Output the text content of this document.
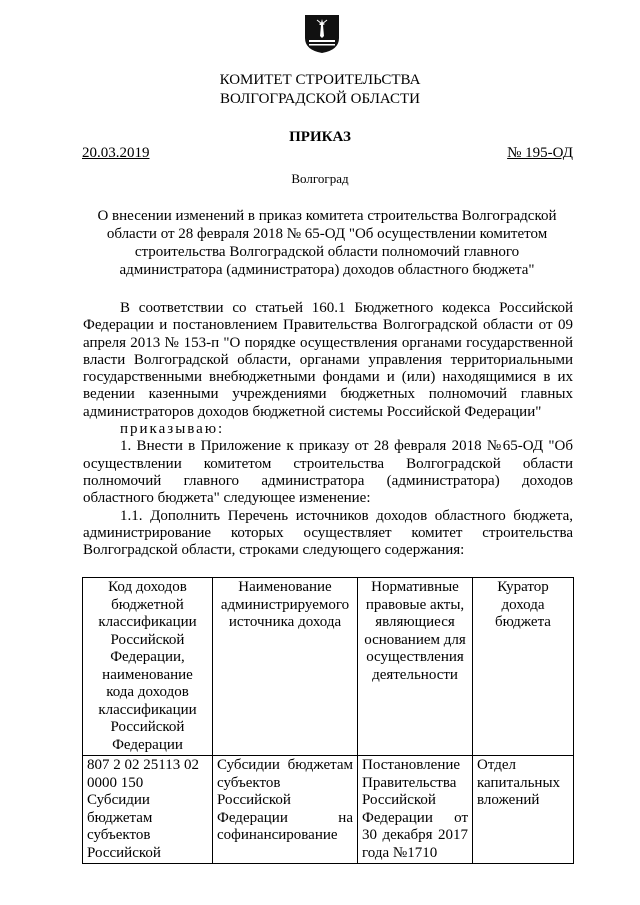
КОМИТЕТ СТРОИТЕЛЬСТВА
ВОЛГОГРАДСКОЙ ОБЛАСТИ
ПРИКАЗ
20.03.2019	№ 195-ОД
Волгоград
О внесении изменений в приказ комитета строительства Волгоградской
области от 28 февраля 2018 № 65-ОД "Об осуществлении комитетом
строительства Волгоградской области полномочий главного
администратора (администратора) доходов областного бюджета"

В соответствии со статьей 160.1 Бюджетного кодекса Российской Федерации и постановлением Правительства Волгоградской области от 09 апреля 2013 № 153-п "О порядке осуществления органами государственной власти Волгоградской области, органами управления территориальными государственными внебюджетными фондами и (или) находящимися в их ведении казенными учреждениями бюджетных полномочий главных администраторов доходов бюджетной системы Российской Федерации"

приказываю:

1. Внести в Приложение к приказу от 28 февраля 2018 №65-ОД "Об осуществлении комитетом строительства Волгоградской области полномочий главного администратора (администратора) доходов областного бюджета" следующее изменение:

1.1. Дополнить Перечень источников доходов областного бюджета, администрирование которых осуществляет комитет строительства Волгоградской области, строками следующего содержания:

Код доходов бюджетной классификации Российской Федерации, наименование кода доходов классификации Российской Федерации	Наименование администрируемого источника дохода	Нормативные правовые акты, являющиеся основанием для осуществления деятельности	Куратор дохода бюджета
807 2 02 25113 02 0000 150 Субсидии бюджетам субъектов Российской	Субсидии бюджетам субъектов Российской Федерации на софинансирование	Постановление Правительства Российской Федерации от 30 декабря 2017 года №1710	Отдел капитальных вложений
